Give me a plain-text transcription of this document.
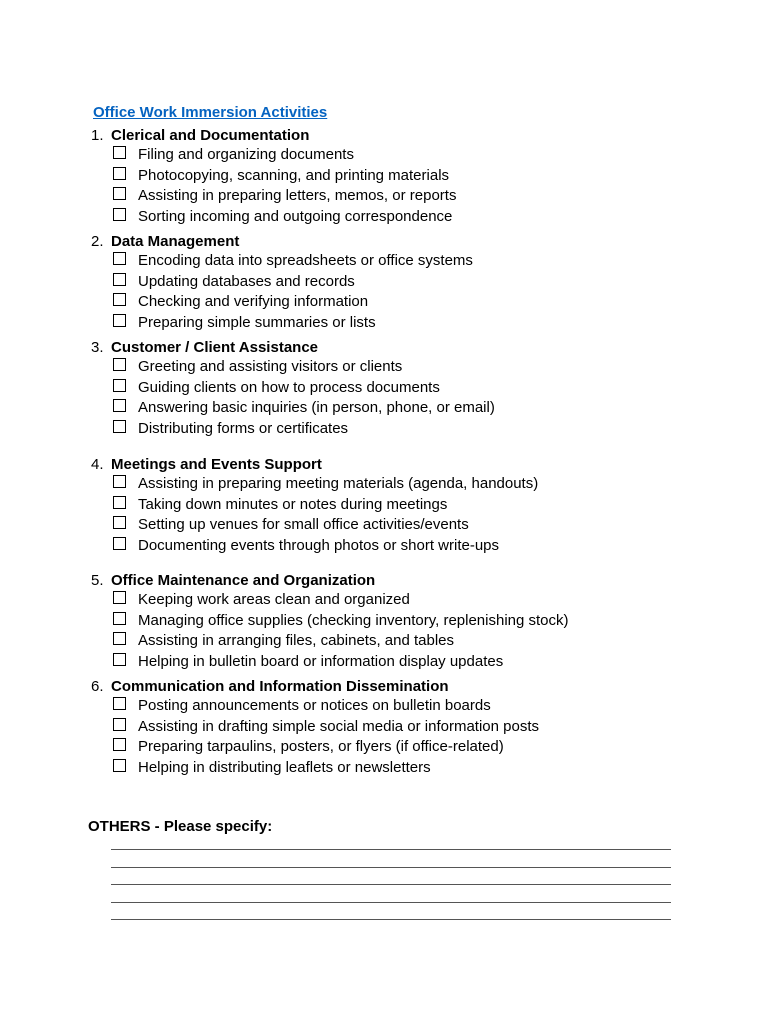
Office Work Immersion Activities
1. Clerical and Documentation
Filing and organizing documents
Photocopying, scanning, and printing materials
Assisting in preparing letters, memos, or reports
Sorting incoming and outgoing correspondence
2. Data Management
Encoding data into spreadsheets or office systems
Updating databases and records
Checking and verifying information
Preparing simple summaries or lists
3. Customer / Client Assistance
Greeting and assisting visitors or clients
Guiding clients on how to process documents
Answering basic inquiries (in person, phone, or email)
Distributing forms or certificates
4. Meetings and Events Support
Assisting in preparing meeting materials (agenda, handouts)
Taking down minutes or notes during meetings
Setting up venues for small office activities/events
Documenting events through photos or short write-ups
5. Office Maintenance and Organization
Keeping work areas clean and organized
Managing office supplies (checking inventory, replenishing stock)
Assisting in arranging files, cabinets, and tables
Helping in bulletin board or information display updates
6. Communication and Information Dissemination
Posting announcements or notices on bulletin boards
Assisting in drafting simple social media or information posts
Preparing tarpaulins, posters, or flyers (if office-related)
Helping in distributing leaflets or newsletters
OTHERS - Please specify:
